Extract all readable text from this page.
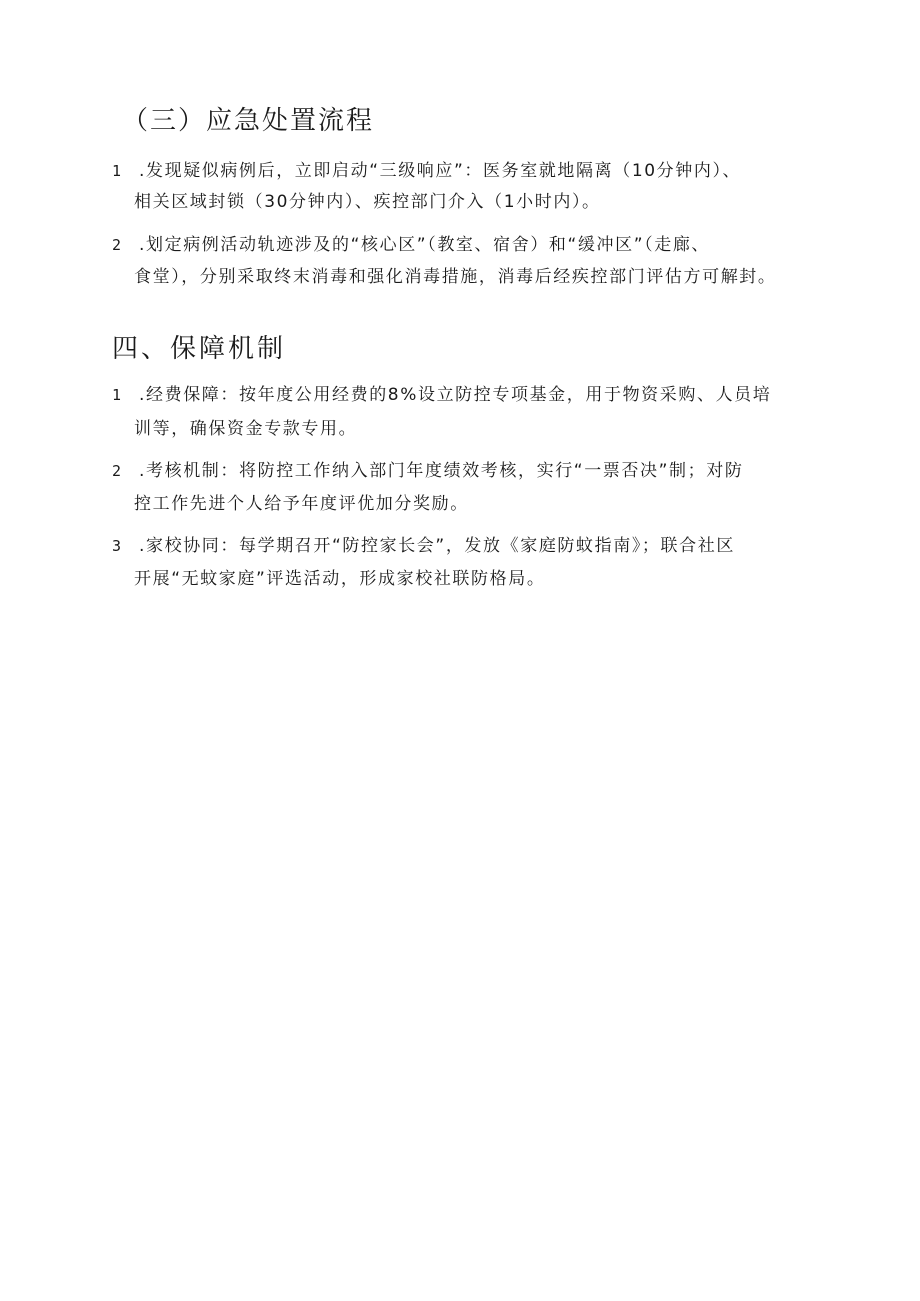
（三）应急处置流程
1 .发现疑似病例后，立即启动“三级响应”：医务室就地隔离（10分钟内）、
相关区域封锁（30分钟内）、疾控部门介入（1小时内）。
2 .划定病例活动轨迹涉及的“核心区”（教室、宿舍）和“缓冲区”（走廊、
食堂），分别采取终末消毒和强化消毒措施，消毒后经疾控部门评估方可解封。
四、保障机制
1 .经费保障：按年度公用经费的8%设立防控专项基金，用于物资采购、人员培
训等，确保资金专款专用。
2 .考核机制：将防控工作纳入部门年度绩效考核，实行“一票否决”制；对防
控工作先进个人给予年度评优加分奖励。
3 .家校协同：每学期召开“防控家长会”，发放《家庭防蚊指南》；联合社区
开展“无蚊家庭”评选活动，形成家校社联防格局。
